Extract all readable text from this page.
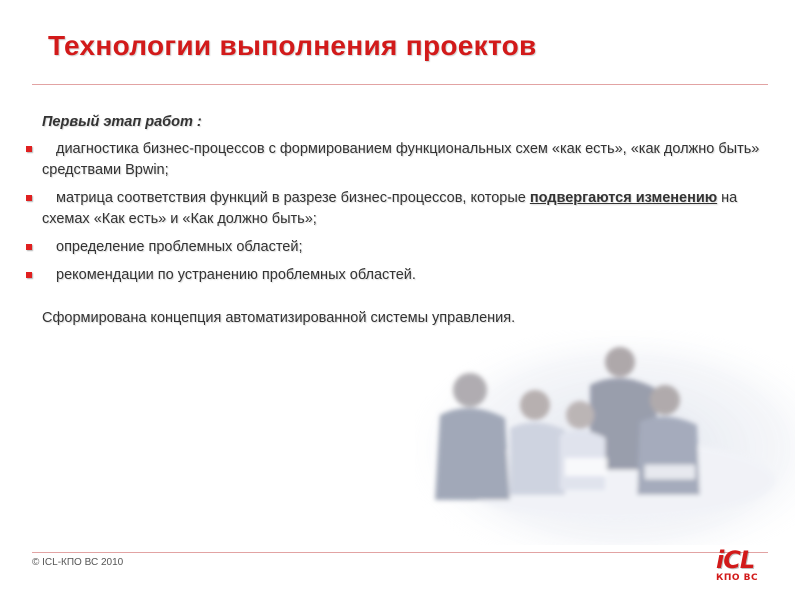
Технологии выполнения проектов
Первый этап работ :
диагностика бизнес-процессов с формированием функциональных схем «как есть», «как должно быть» средствами Bpwin;
матрица соответствия функций в разрезе бизнес-процессов, которые подвергаются изменению на схемах «Как есть» и «Как должно быть»;
определение проблемных областей;
рекомендации по устранению проблемных областей.
Сформирована концепция автоматизированной системы управления.
© ICL-КПО ВС 2010	iCL
КПО ВС
